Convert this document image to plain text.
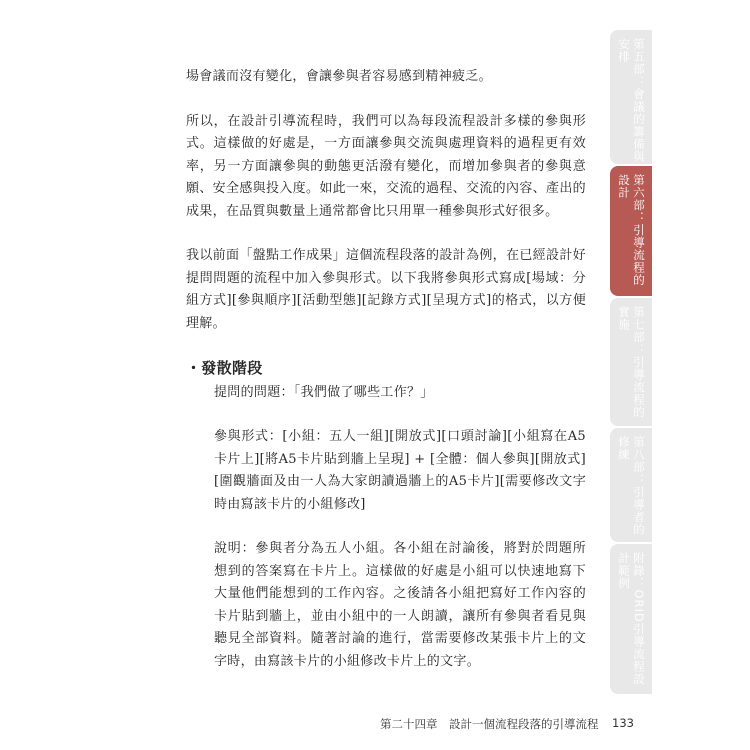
場會議而沒有變化，會讓參與者容易感到精神疲乏。

所以，在設計引導流程時，我們可以為每段流程設計多樣的參與形式。這樣做的好處是，一方面讓參與交流與處理資料的過程更有效率，另一方面讓參與的動態更活潑有變化，而增加參與者的參與意願、安全感與投入度。如此一來，交流的過程、交流的內容、產出的成果，在品質與數量上通常都會比只用單一種參與形式好很多。

我以前面「盤點工作成果」這個流程段落的設計為例，在已經設計好提問問題的流程中加入參與形式。以下我將參與形式寫成[場域：分組方式][參與順序][活動型態][記錄方式][呈現方式]的格式，以方便理解。

・發散階段

提問的問題：「我們做了哪些工作？」

參與形式：[小組：五人一組][開放式][口頭討論][小組寫在A5卡片上][將A5卡片貼到牆上呈現] + [全體：個人參與][開放式][圍觀牆面及由一人為大家朗讀過牆上的A5卡片][需要修改文字時由寫該卡片的小組修改]

說明：參與者分為五人小組。各小組在討論後，將對於問題所想到的答案寫在卡片上。這樣做的好處是小組可以快速地寫下大量他們能想到的工作內容。之後請各小組把寫好工作內容的卡片貼到牆上，並由小組中的一人朗讀，讓所有參與者看見與聽見全部資料。隨著討論的進行，當需要修改某張卡片上的文字時，由寫該卡片的小組修改卡片上的文字。

第五部：會議的籌備與安排
第六部：引導流程的設計
第七部：引導流程的實施
第八部：引導者的修練
附錄：ORID引導流程設計範例
第二十四章　設計一個流程段落的引導流程 133
